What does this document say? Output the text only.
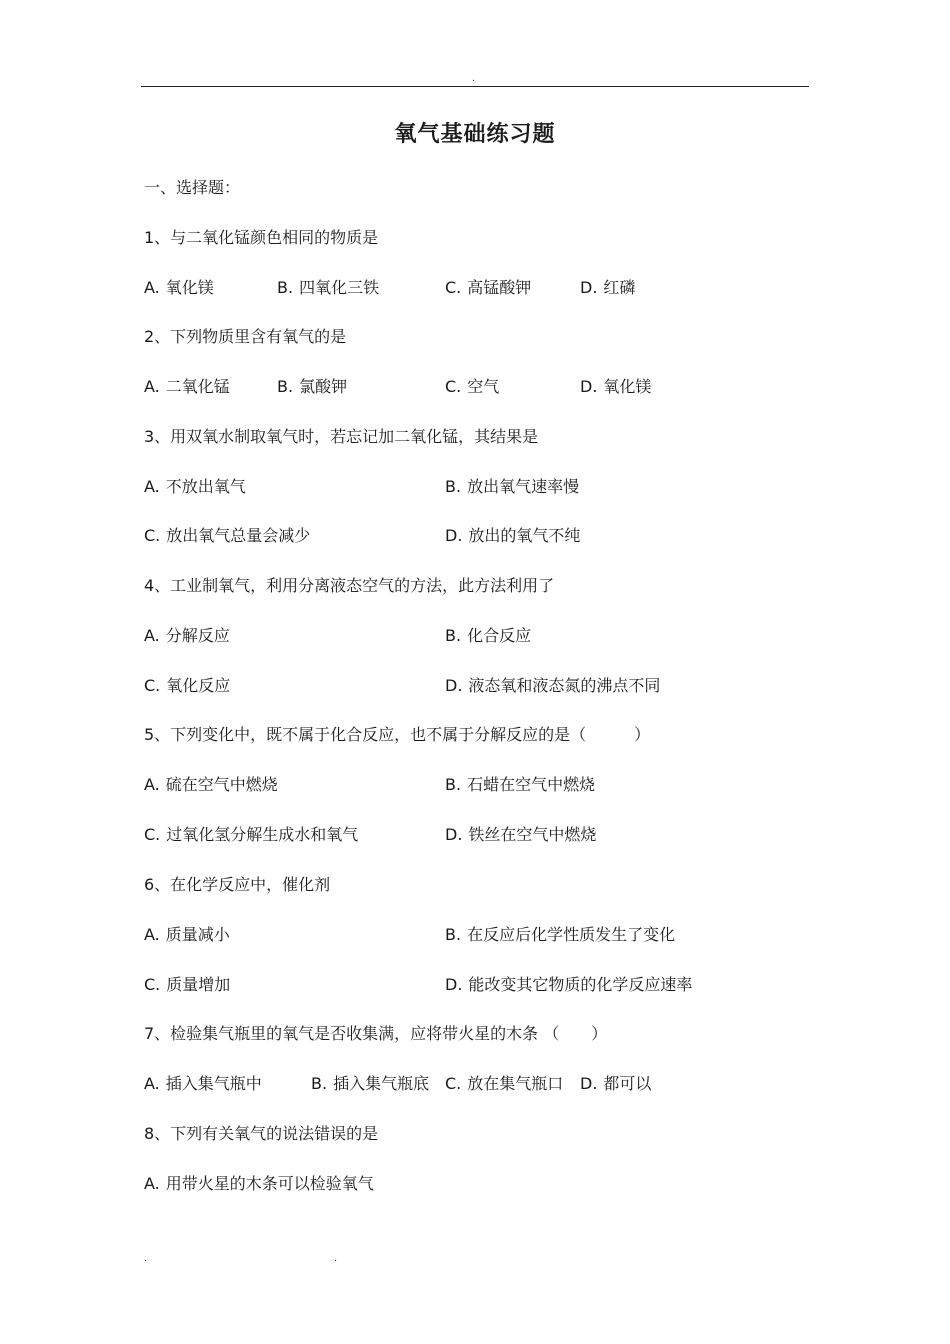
.
氧气基础练习题
一、选择题：
1、与二氧化锰颜色相同的物质是
A. 氧化镁	B. 四氧化三铁	C. 高锰酸钾	D. 红磷
2、下列物质里含有氧气的是
A. 二氧化锰	B. 氯酸钾	C. 空气	D. 氧化镁
3、用双氧水制取氧气时，若忘记加二氧化锰，其结果是
A. 不放出氧气	B. 放出氧气速率慢
C. 放出氧气总量会减少	D. 放出的氧气不纯
4、工业制氧气，利用分离液态空气的方法，此方法利用了
A. 分解反应	B. 化合反应
C. 氧化反应	D. 液态氧和液态氮的沸点不同
5、下列变化中，既不属于化合反应，也不属于分解反应的是（　　　）
A. 硫在空气中燃烧	B. 石蜡在空气中燃烧
C. 过氧化氢分解生成水和氧气	D. 铁丝在空气中燃烧
6、在化学反应中，催化剂
A. 质量减小	B. 在反应后化学性质发生了变化
C. 质量增加	D. 能改变其它物质的化学反应速率
7、检验集气瓶里的氧气是否收集满，应将带火星的木条 （　　）
A. 插入集气瓶中	B. 插入集气瓶底 C. 放在集气瓶口 D. 都可以
8、下列有关氧气的说法错误的是
A. 用带火星的木条可以检验氧气
.	.
